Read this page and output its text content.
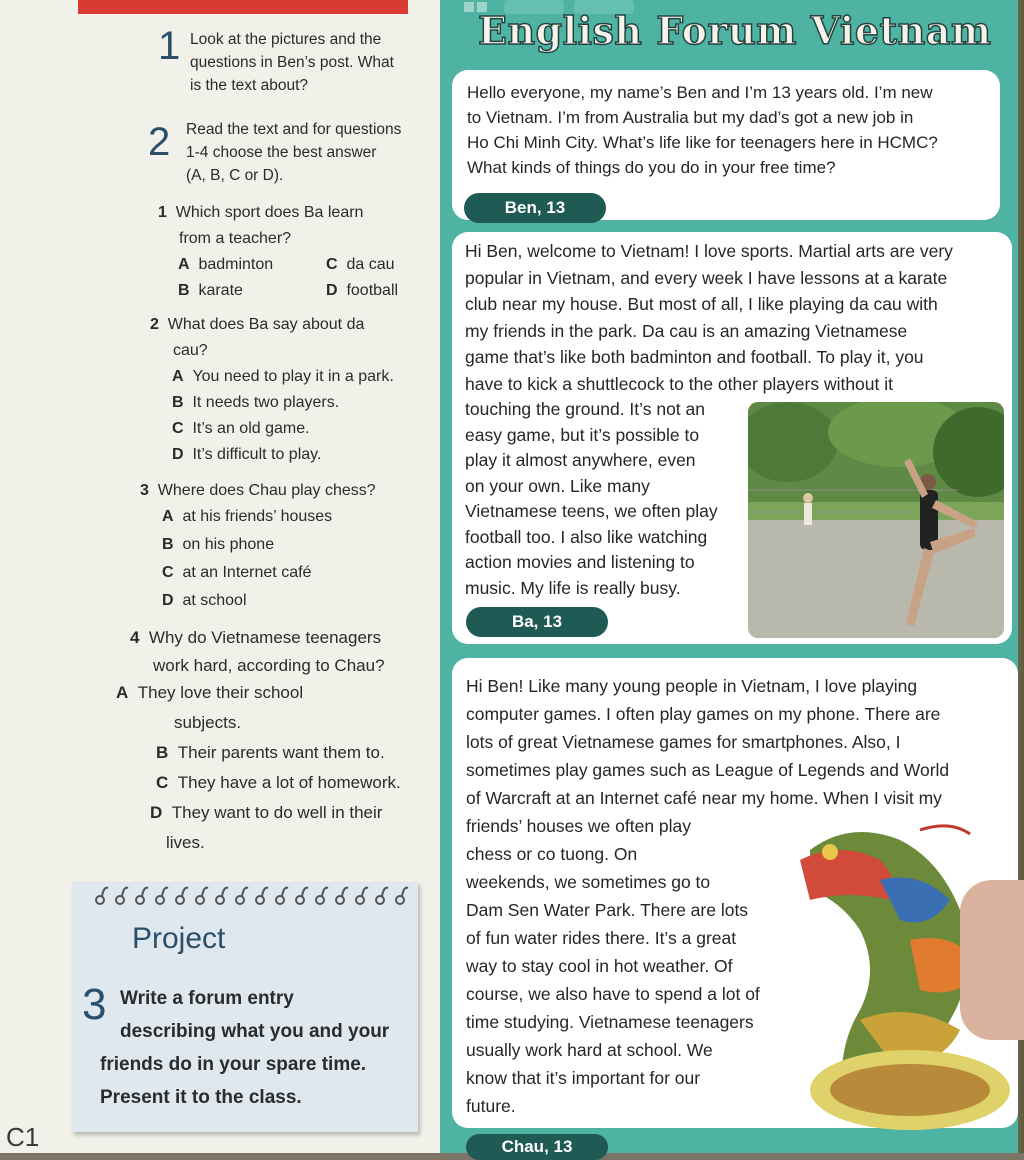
1 Look at the pictures and the
questions in Ben’s post. What
is the text about?
2 Read the text and for questions
1-4 choose the best answer
(A, B, C or D).
1 Which sport does Ba learn
from a teacher?
A badminton	C da cau
B karate	D football
2 What does Ba say about da
cau?
A You need to play it in a park.
B It needs two players.
C It’s an old game.
D It’s difficult to play.
3 Where does Chau play chess?
A at his friends’ houses
B on his phone
C at an Internet café
D at school
4 Why do Vietnamese teenagers
work hard, according to Chau?
A They love their school
subjects.
B Their parents want them to.
C They have a lot of homework.
D They want to do well in their
lives.
Project
3 Write a forum entry
describing what you and your
friends do in your spare time.
Present it to the class.
C1
English Forum Vietnam
Hello everyone, my name’s Ben and I’m 13 years old. I’m new
to Vietnam. I’m from Australia but my dad’s got a new job in
Ho Chi Minh City. What’s life like for teenagers here in HCMC?
What kinds of things do you do in your free time?
Ben, 13
Hi Ben, welcome to Vietnam! I love sports. Martial arts are very
popular in Vietnam, and every week I have lessons at a karate
club near my house. But most of all, I like playing da cau with
my friends in the park. Da cau is an amazing Vietnamese
game that’s like both badminton and football. To play it, you
have to kick a shuttlecock to the other players without it
touching the ground. It’s not an
easy game, but it’s possible to
play it almost anywhere, even
on your own. Like many
Vietnamese teens, we often play
football too. I also like watching
action movies and listening to
music. My life is really busy.
Ba, 13
Hi Ben! Like many young people in Vietnam, I love playing
computer games. I often play games on my phone. There are
lots of great Vietnamese games for smartphones. Also, I
sometimes play games such as League of Legends and World
of Warcraft at an Internet café near my home. When I visit my
friends’ houses we often play
chess or co tuong. On
weekends, we sometimes go to
Dam Sen Water Park. There are lots
of fun water rides there. It’s a great
way to stay cool in hot weather. Of
course, we also have to spend a lot of
time studying. Vietnamese teenagers
usually work hard at school. We
know that it’s important for our
future.
Chau, 13
